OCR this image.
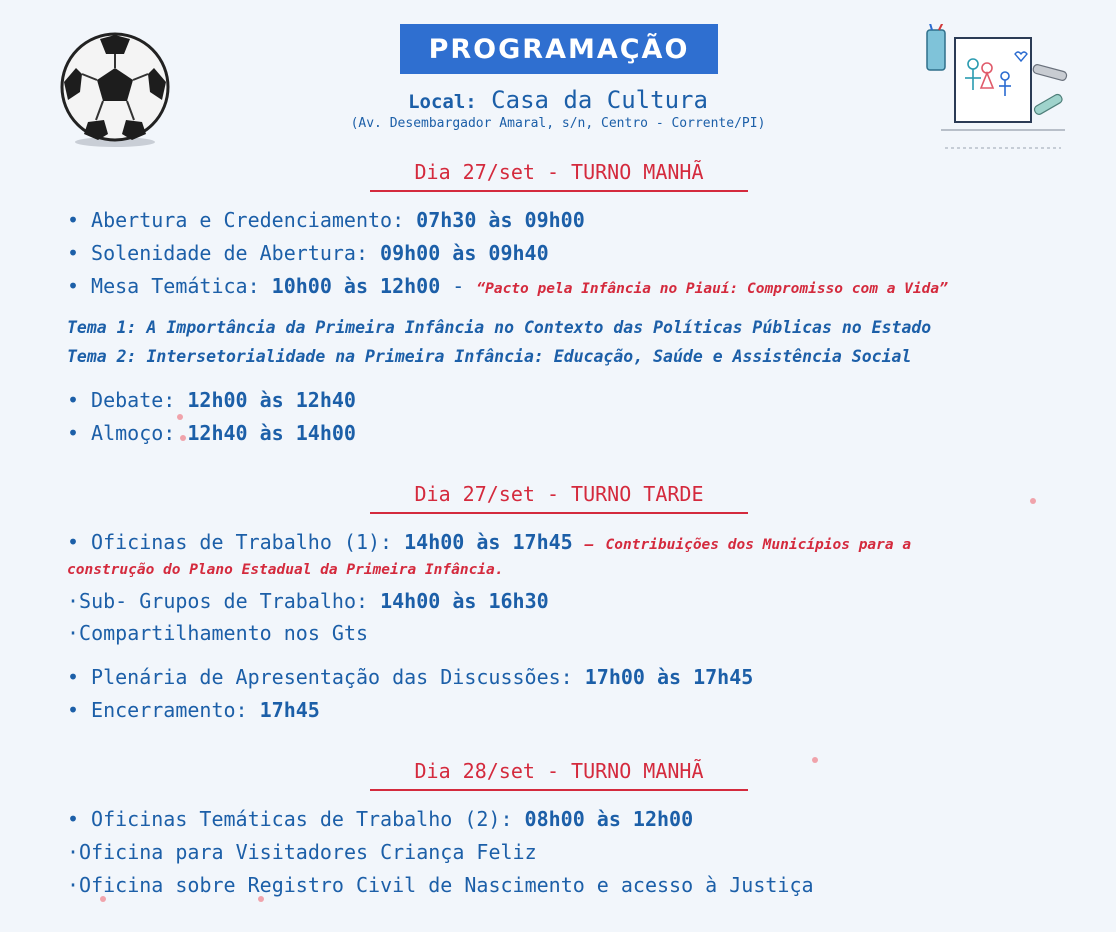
PROGRAMAÇÃO
Local: Casa da Cultura
(Av. Desembargador Amaral, s/n, Centro - Corrente/PI)
Dia 27/set - TURNO MANHÃ
• Abertura e Credenciamento: 07h30 às 09h00
• Solenidade de Abertura: 09h00 às 09h40
• Mesa Temática: 10h00 às 12h00 - “Pacto pela Infância no Piauí: Compromisso com a Vida”
Tema 1: A Importância da Primeira Infância no Contexto das Políticas Públicas no Estado
Tema 2: Intersetorialidade na Primeira Infância: Educação, Saúde e Assistência Social
• Debate: 12h00 às 12h40
• Almoço: 12h40 às 14h00
Dia 27/set - TURNO TARDE
• Oficinas de Trabalho (1): 14h00 às 17h45 – Contribuições dos Municípios para a
construção do Plano Estadual da Primeira Infância.
·Sub- Grupos de Trabalho: 14h00 às 16h30
·Compartilhamento nos Gts
• Plenária de Apresentação das Discussões: 17h00 às 17h45
• Encerramento: 17h45
Dia 28/set - TURNO MANHÃ
• Oficinas Temáticas de Trabalho (2): 08h00 às 12h00
·Oficina para Visitadores Criança Feliz
·Oficina sobre Registro Civil de Nascimento e acesso à Justiça
